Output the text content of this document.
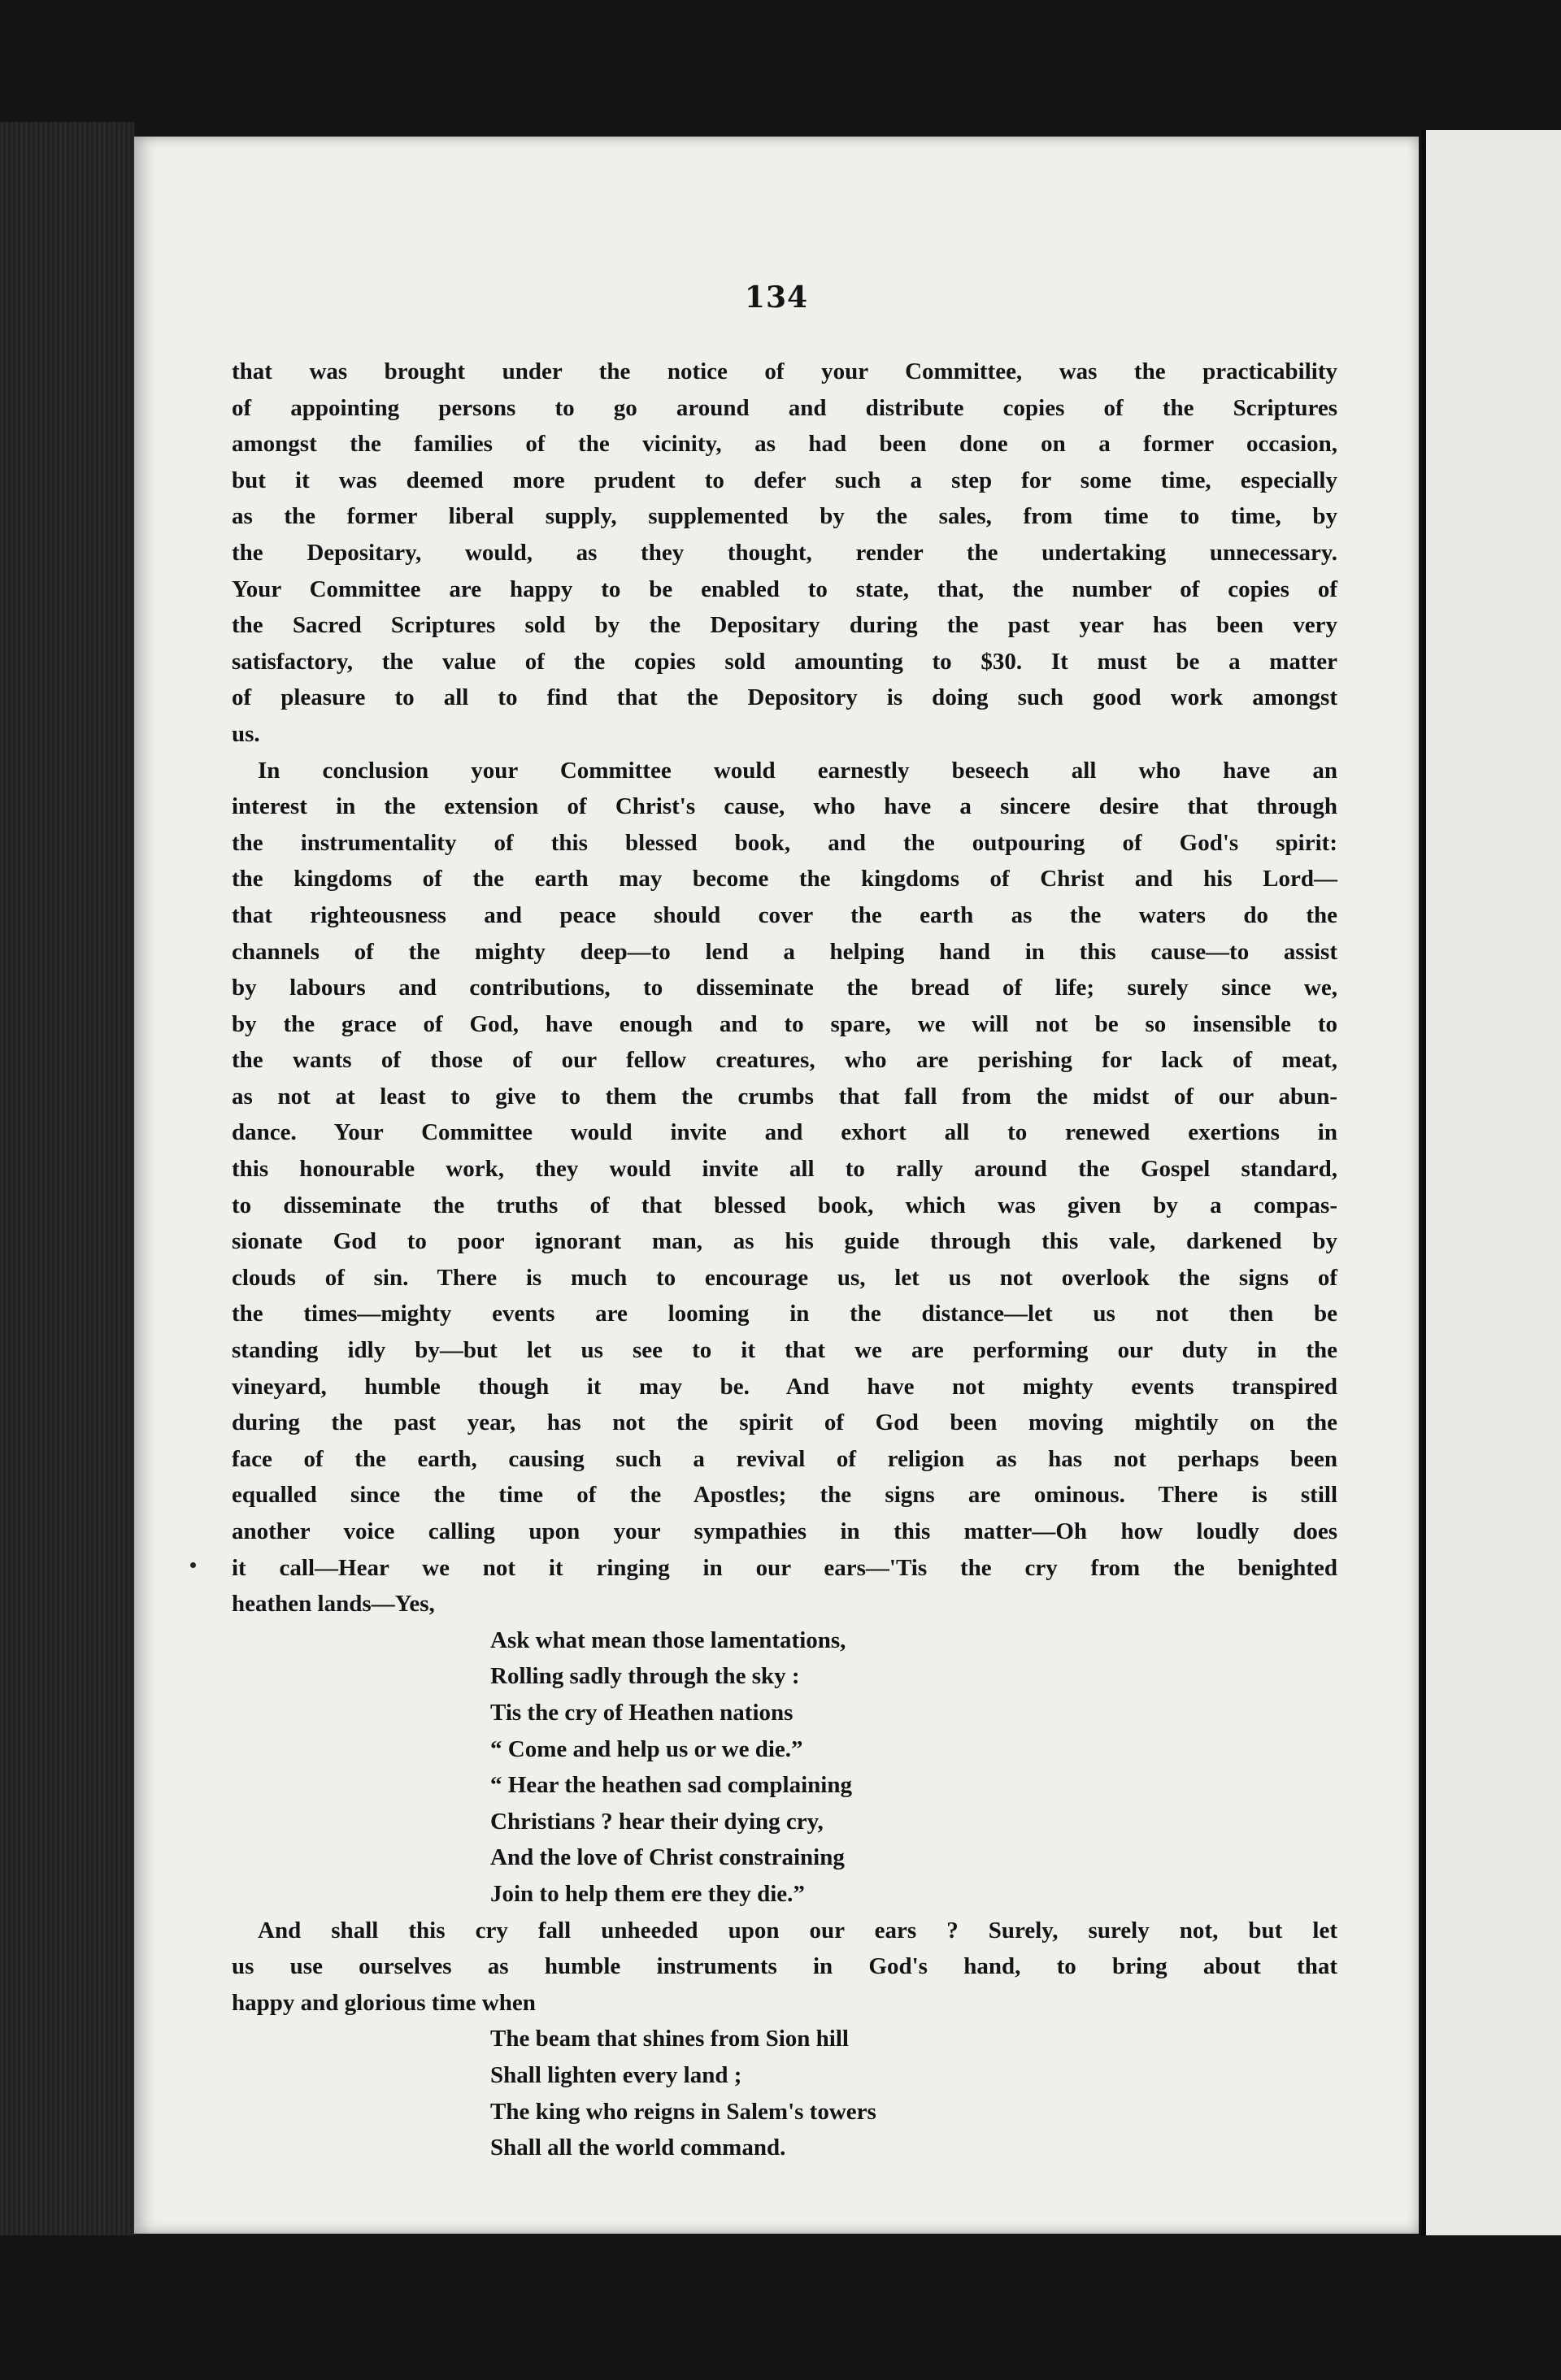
134

that was brought under the notice of your Committee, was the practicability
of appointing persons to go around and distribute copies of the Scriptures
amongst the families of the vicinity, as had been done on a former occasion,
but it was deemed more prudent to defer such a step for some time, especially
as the former liberal supply, supplemented by the sales, from time to time, by
the Depositary, would, as they thought, render the undertaking unnecessary.
Your Committee are happy to be enabled to state, that, the number of copies of
the Sacred Scriptures sold by the Depositary during the past year has been very
satisfactory, the value of the copies sold amounting to $30. It must be a matter
of pleasure to all to find that the Depository is doing such good work amongst
us.

In conclusion your Committee would earnestly beseech all who have an
interest in the extension of Christ's cause, who have a sincere desire that through
the instrumentality of this blessed book, and the outpouring of God's spirit:
the kingdoms of the earth may become the kingdoms of Christ and his Lord—
that righteousness and peace should cover the earth as the waters do the
channels of the mighty deep—to lend a helping hand in this cause—to assist
by labours and contributions, to disseminate the bread of life; surely since we,
by the grace of God, have enough and to spare, we will not be so insensible to
the wants of those of our fellow creatures, who are perishing for lack of meat,
as not at least to give to them the crumbs that fall from the midst of our abun-
dance. Your Committee would invite and exhort all to renewed exertions in
this honourable work, they would invite all to rally around the Gospel standard,
to disseminate the truths of that blessed book, which was given by a compas-
sionate God to poor ignorant man, as his guide through this vale, darkened by
clouds of sin. There is much to encourage us, let us not overlook the signs of
the times—mighty events are looming in the distance—let us not then be
standing idly by—but let us see to it that we are performing our duty in the
vineyard, humble though it may be. And have not mighty events transpired
during the past year, has not the spirit of God been moving mightily on the
face of the earth, causing such a revival of religion as has not perhaps been
equalled since the time of the Apostles; the signs are ominous. There is still
another voice calling upon your sympathies in this matter—Oh how loudly does
it call—Hear we not it ringing in our ears—'Tis the cry from the benighted
heathen lands—Yes,

Ask what mean those lamentations,
Rolling sadly through the sky :
Tis the cry of Heathen nations
“ Come and help us or we die.”
“ Hear the heathen sad complaining
Christians ? hear their dying cry,
And the love of Christ constraining
Join to help them ere they die.”

And shall this cry fall unheeded upon our ears ? Surely, surely not, but let
us use ourselves as humble instruments in God's hand, to bring about that
happy and glorious time when

The beam that shines from Sion hill
Shall lighten every land ;
The king who reigns in Salem's towers
Shall all the world command.
